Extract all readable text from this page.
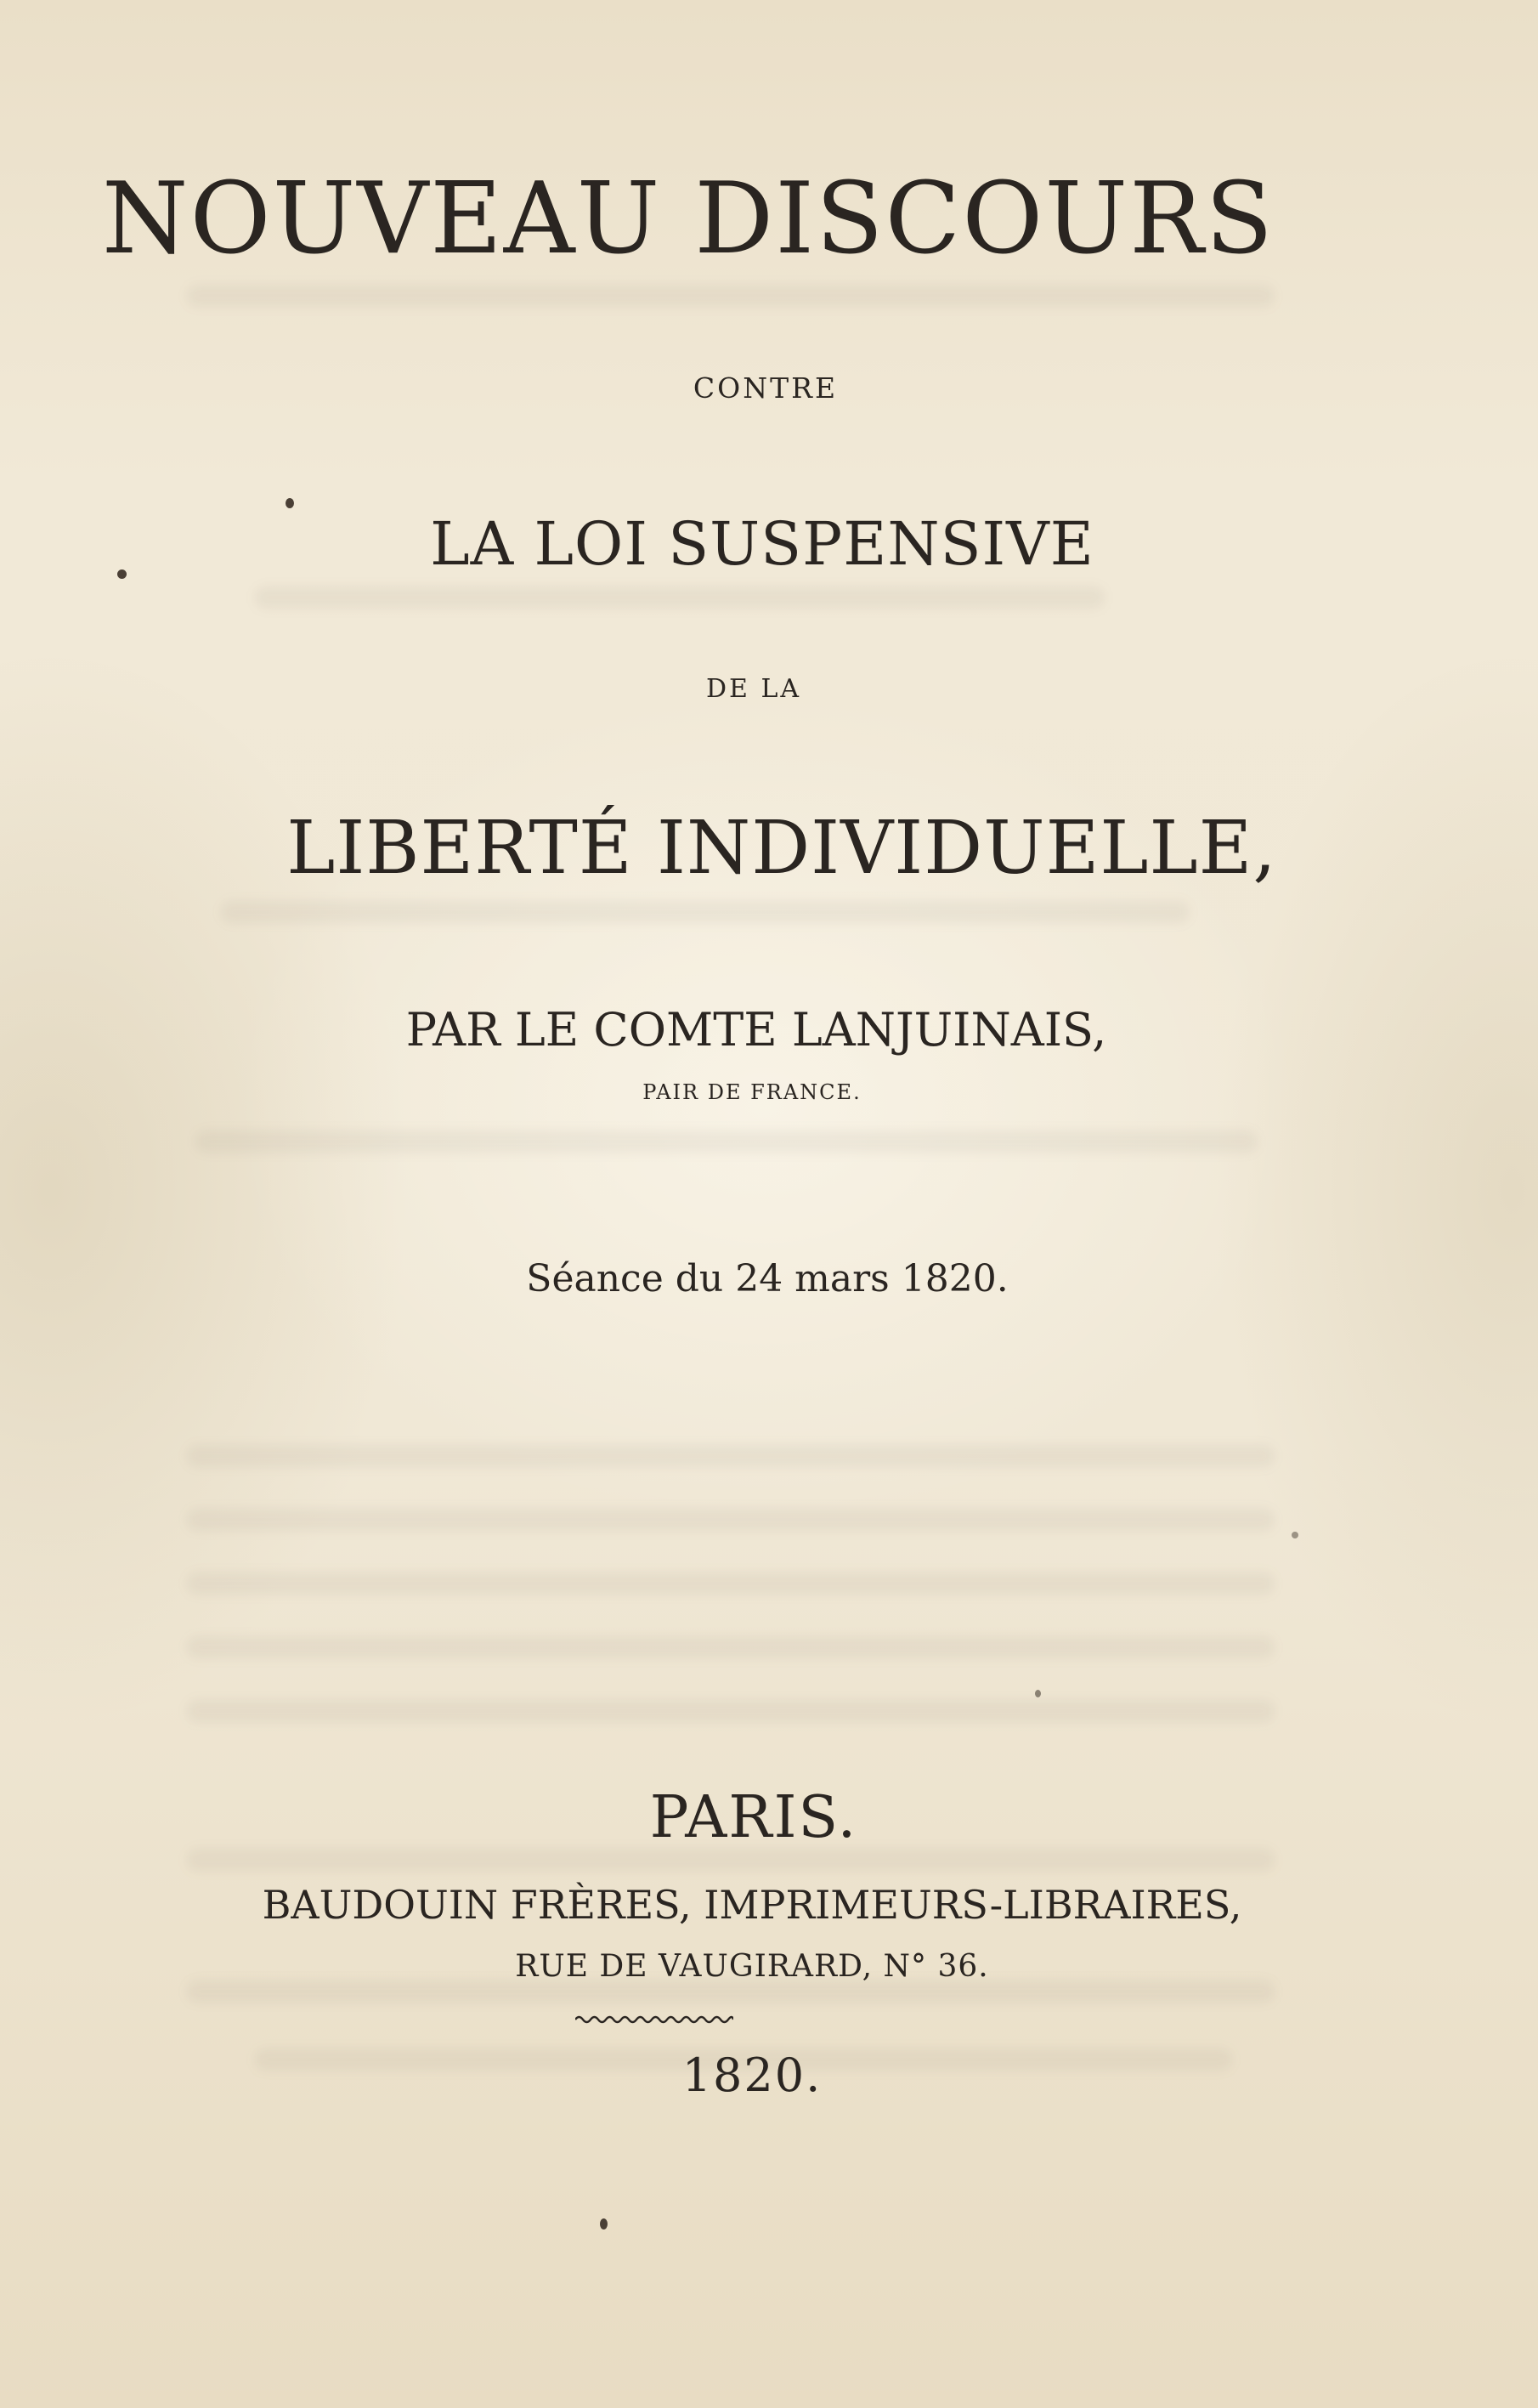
NOUVEAU DISCOURS
CONTRE
LA LOI SUSPENSIVE
DE LA
LIBERTÉ INDIVIDUELLE,
PAR LE COMTE LANJUINAIS,
PAIR DE FRANCE.
Séance du 24 mars 1820.
PARIS.
BAUDOUIN FRÈRES, IMPRIMEURS-LIBRAIRES,
RUE DE VAUGIRARD, N° 36.
1820.
